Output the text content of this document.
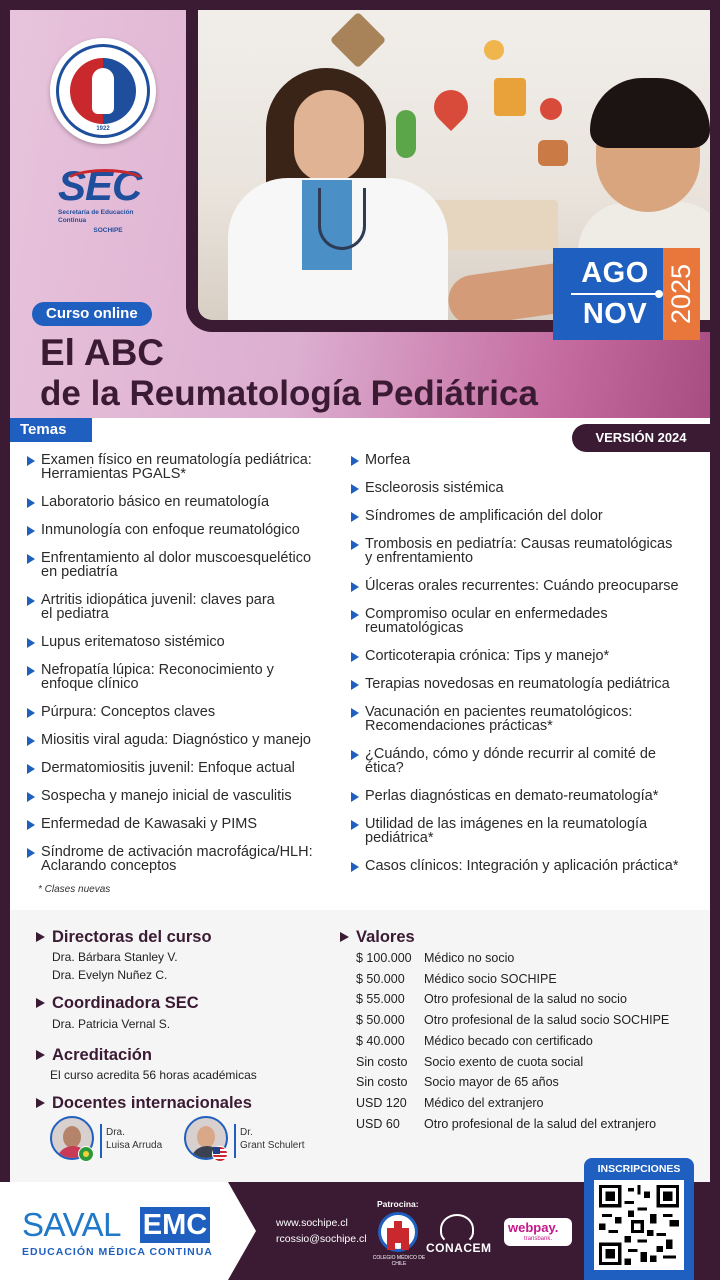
1922
SEC
Secretaría de Educación Continua
SOCHIPE
Curso online
El ABC
de la Reumatología Pediátrica
AGO
NOV 2025
Temas	VERSIÓN 2024
Examen físico en reumatología pediátrica:
Herramientas PGALS*
Laboratorio básico en reumatología
Inmunología con enfoque reumatológico
Enfrentamiento al dolor muscoesquelético
en pediatría
Artritis idiopática juvenil: claves para
el pediatra
Lupus eritematoso sistémico
Nefropatía lúpica: Reconocimiento y
enfoque clínico
Púrpura: Conceptos claves
Miositis viral aguda: Diagnóstico y manejo
Dermatomiositis juvenil: Enfoque actual
Sospecha y manejo inicial de vasculitis
Enfermedad de Kawasaki y PIMS
Síndrome de activación macrofágica/HLH:
Aclarando conceptos
Morfea
Escleorosis sistémica
Síndromes de amplificación del dolor
Trombosis en pediatría: Causas reumatológicas
y enfrentamiento
Úlceras orales recurrentes: Cuándo preocuparse
Compromiso ocular en enfermedades
reumatológicas
Corticoterapia crónica: Tips y manejo*
Terapias novedosas en reumatología pediátrica
Vacunación en pacientes reumatológicos:
Recomendaciones prácticas*
¿Cuándo, cómo y dónde recurrir al comité de
ética?
Perlas diagnósticas en demato-reumatología*
Utilidad de las imágenes en la reumatología
pediátrica*
Casos clínicos: Integración y aplicación práctica*
* Clases nuevas
Directoras del curso
Dra. Bárbara Stanley V.
Dra. Evelyn Nuñez C.
Coordinadora SEC
Dra. Patricia Vernal S.
Acreditación
El curso acredita 56 horas académicas
Docentes internacionales
Dra.
Luisa Arruda
Dr.
Grant Schulert
Valores
$ 100.000 Médico no socio
$ 50.000 Médico socio SOCHIPE
$ 55.000 Otro profesional de la salud no socio
$ 50.000 Otro profesional de la salud socio SOCHIPE
$ 40.000 Médico becado con certificado
Sin costo Socio exento de cuota social
Sin costo Socio mayor de 65 años
USD 120 Médico del extranjero
USD 60 Otro profesional de la salud del extranjero
SAVAL EMC
EDUCACIÓN MÉDICA CONTINUA
www.sochipe.cl
rcossio@sochipe.cl
Patrocina:
COLEGIO MÉDICO DE CHILE
CONACEM
webpay.
transbank.
INSCRIPCIONES
